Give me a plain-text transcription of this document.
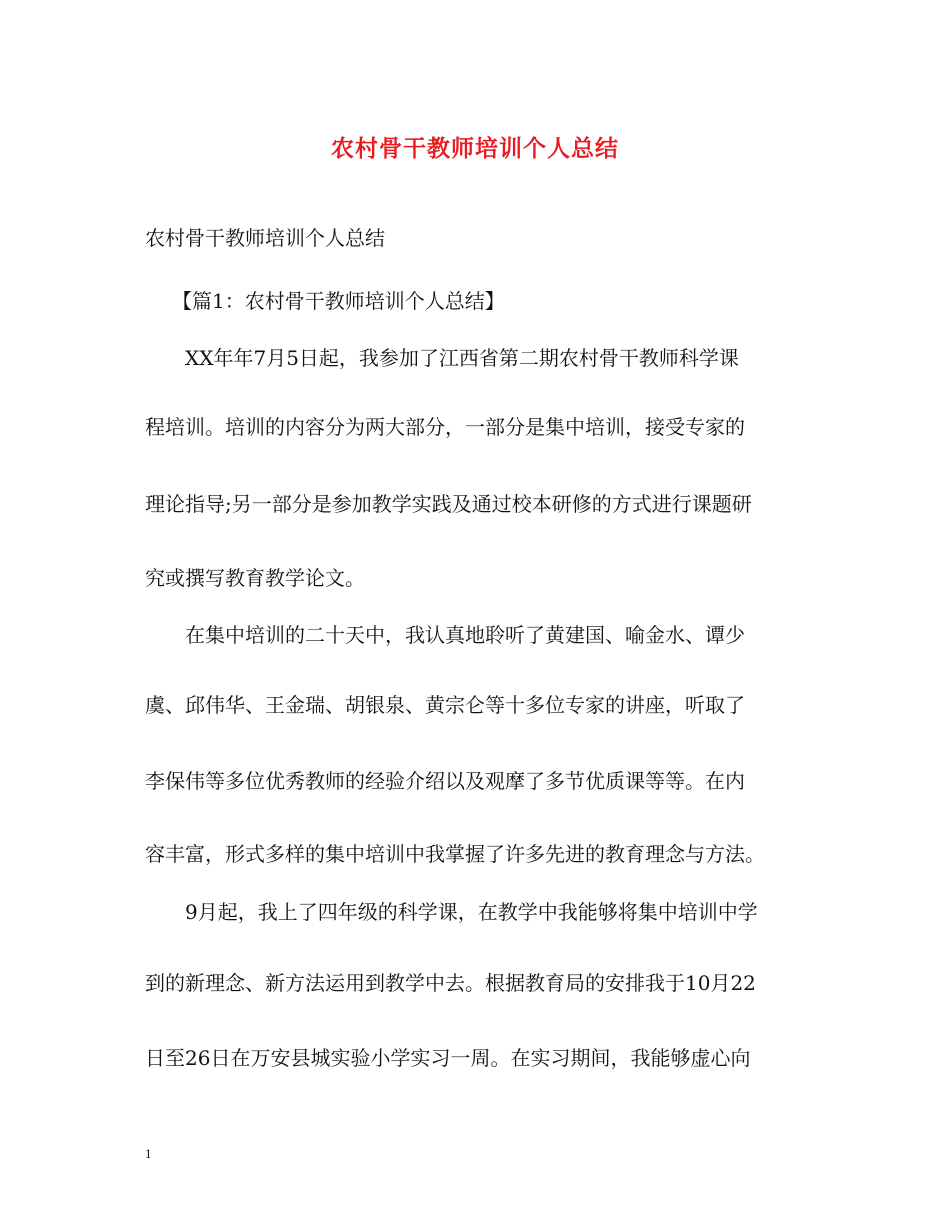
农村骨干教师培训个人总结
农村骨干教师培训个人总结
【篇1：农村骨干教师培训个人总结】
XX年年7月5日起，我参加了江西省第二期农村骨干教师科学课
程培训。培训的内容分为两大部分，一部分是集中培训，接受专家的
理论指导;另一部分是参加教学实践及通过校本研修的方式进行课题研
究或撰写教育教学论文。
在集中培训的二十天中，我认真地聆听了黄建国、喻金水、谭少
虞、邱伟华、王金瑞、胡银泉、黄宗仑等十多位专家的讲座，听取了
李保伟等多位优秀教师的经验介绍以及观摩了多节优质课等等。在内
容丰富，形式多样的集中培训中我掌握了许多先进的教育理念与方法。
9月起，我上了四年级的科学课，在教学中我能够将集中培训中学
到的新理念、新方法运用到教学中去。根据教育局的安排我于10月22
日至26日在万安县城实验小学实习一周。在实习期间，我能够虚心向
1
